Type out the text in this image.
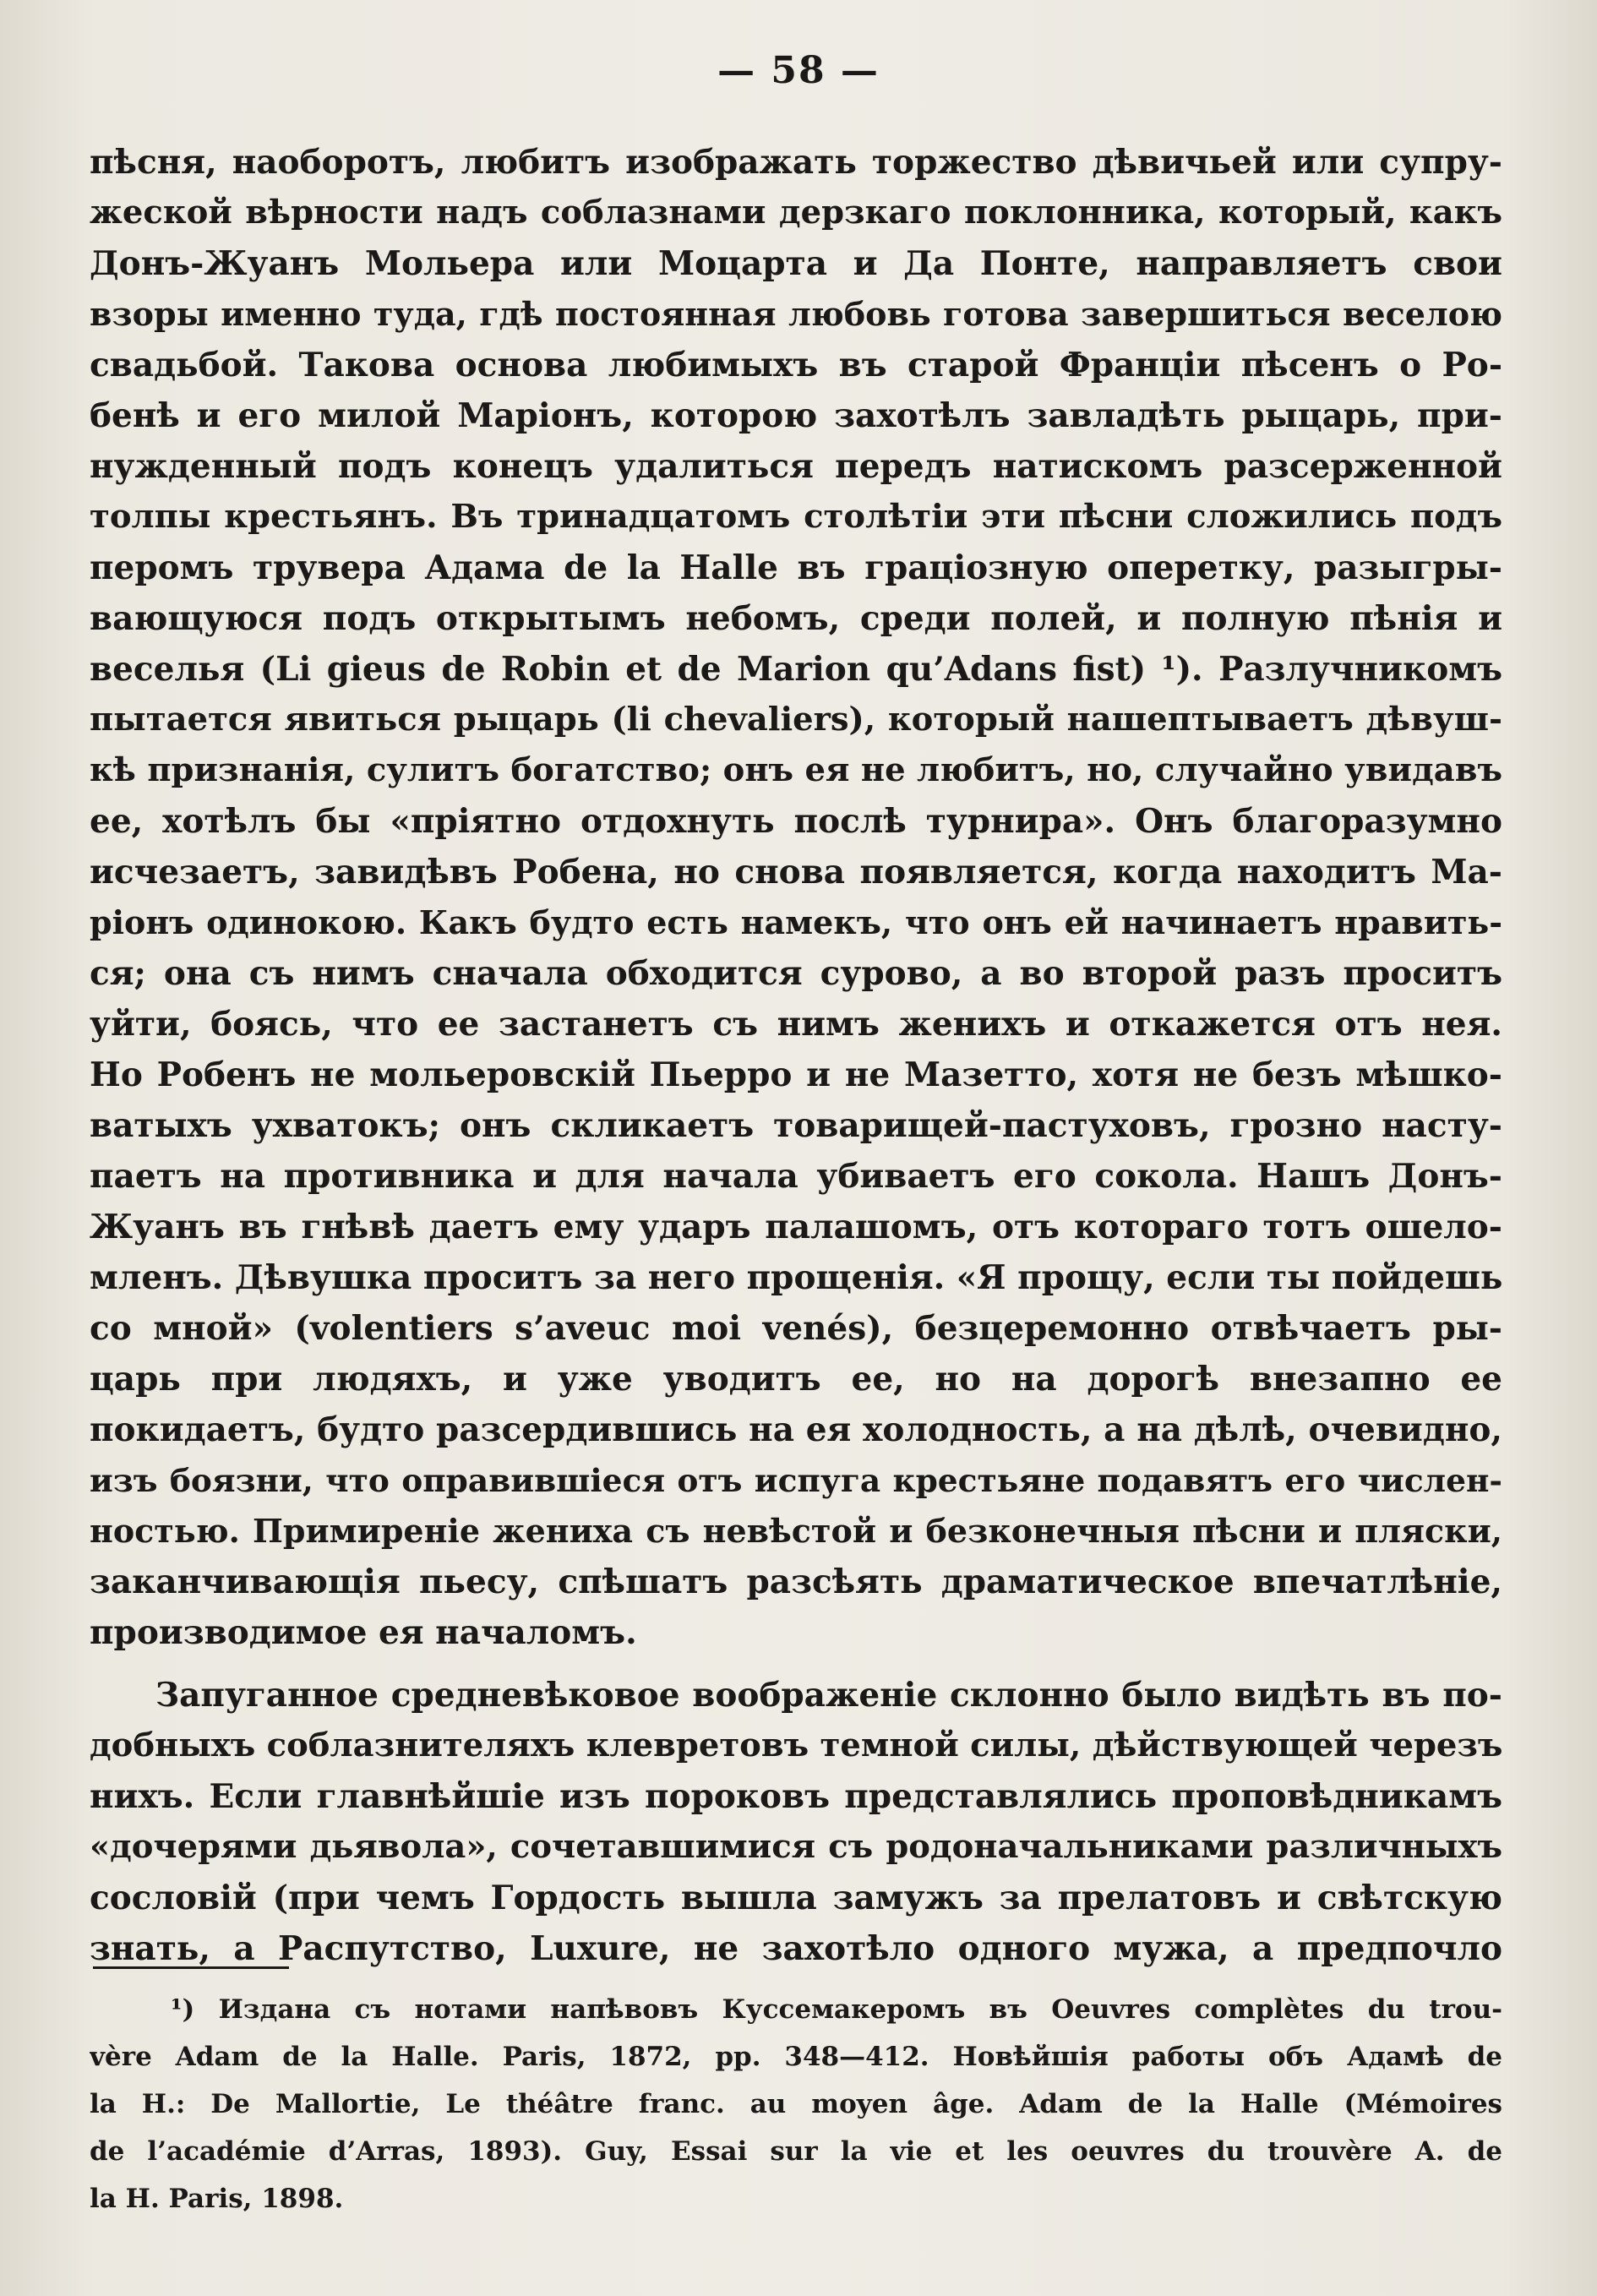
— 58 —
пѣсня, наоборотъ, любитъ изображать торжество дѣвичьей или супру-
жеской вѣрности надъ соблазнами дерзкаго поклонника, который, какъ
Донъ-Жуанъ Мольера или Моцарта и Да Понте, направляетъ свои
взоры именно туда, гдѣ постоянная любовь готова завершиться веселою
свадьбой. Такова основа любимыхъ въ старой Франціи пѣсенъ о Ро-
бенѣ и его милой Маріонъ, которою захотѣлъ завладѣть рыцарь, при-
нужденный подъ конецъ удалиться передъ натискомъ разсерженной
толпы крестьянъ. Въ тринадцатомъ столѣтіи эти пѣсни сложились подъ
перомъ трувера Адама de la Halle въ граціозную оперетку, разыгры-
вающуюся подъ открытымъ небомъ, среди полей, и полную пѣнія и
веселья (Li gieus de Robin et de Marion qu’Adans fist) ¹). Разлучникомъ
пытается явиться рыцарь (li chevaliers), который нашептываетъ дѣвуш-
кѣ признанія, сулитъ богатство; онъ ея не любитъ, но, случайно увидавъ
ее, хотѣлъ бы «пріятно отдохнуть послѣ турнира». Онъ благоразумно
исчезаетъ, завидѣвъ Робена, но снова появляется, когда находитъ Ма-
ріонъ одинокою. Какъ будто есть намекъ, что онъ ей начинаетъ нравить-
ся; она съ нимъ сначала обходится сурово, а во второй разъ проситъ
уйти, боясь, что ее застанетъ съ нимъ женихъ и откажется отъ нея.
Но Робенъ не мольеровскій Пьерро и не Мазетто, хотя не безъ мѣшко-
ватыхъ ухватокъ; онъ скликаетъ товарищей-пастуховъ, грозно насту-
паетъ на противника и для начала убиваетъ его сокола. Нашъ Донъ-
Жуанъ въ гнѣвѣ даетъ ему ударъ палашомъ, отъ котораго тотъ ошело-
мленъ. Дѣвушка проситъ за него прощенія. «Я прощу, если ты пойдешь
со мной» (volentiers s’aveuc moi venés), безцеремонно отвѣчаетъ ры-
царь при людяхъ, и уже уводитъ ее, но на дорогѣ внезапно ее
покидаетъ, будто разсердившись на ея холодность, а на дѣлѣ, очевидно,
изъ боязни, что оправившіеся отъ испуга крестьяне подавятъ его числен-
ностью. Примиреніе жениха съ невѣстой и безконечныя пѣсни и пляски,
заканчивающія пьесу, спѣшатъ разсѣять драматическое впечатлѣніе,
производимое ея началомъ.
Запуганное средневѣковое воображеніе склонно было видѣть въ по-
добныхъ соблазнителяхъ клевретовъ темной силы, дѣйствующей черезъ
нихъ. Если главнѣйшіе изъ пороковъ представлялись проповѣдникамъ
«дочерями дьявола», сочетавшимися съ родоначальниками различныхъ
сословій (при чемъ Гордость вышла замужъ за прелатовъ и свѣтскую
знать, а Распутство, Luxure, не захотѣло одного мужа, а предпочло
¹) Издана съ нотами напѣвовъ Куссемакеромъ въ Oeuvres complètes du trou-
vère Adam de la Halle. Paris, 1872, pp. 348—412. Новѣйшія работы объ Адамѣ de
la H.: De Mallortie, Le théâtre franc. au moyen âge. Adam de la Halle (Mémoires
de l’académie d’Arras, 1893). Guy, Essai sur la vie et les oeuvres du trouvère A. de
la H. Paris, 1898.
